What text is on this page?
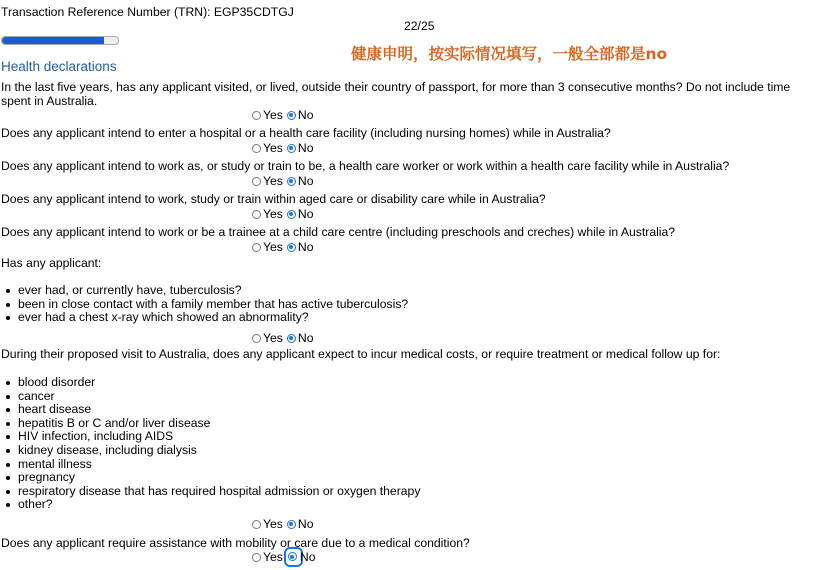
Transaction Reference Number (TRN): EGP35CDTGJ
22/25
健康申明，按实际情况填写，一般全部都是no
Health declarations
In the last five years, has any applicant visited, or lived, outside their country of passport, for more than 3 consecutive months? Do not include time spent in Australia.
Yes No
Does any applicant intend to enter a hospital or a health care facility (including nursing homes) while in Australia?
Yes No
Does any applicant intend to work as, or study or train to be, a health care worker or work within a health care facility while in Australia?
Yes No
Does any applicant intend to work, study or train within aged care or disability care while in Australia?
Yes No
Does any applicant intend to work or be a trainee at a child care centre (including preschools and creches) while in Australia?
Yes No
Has any applicant:
ever had, or currently have, tuberculosis?
been in close contact with a family member that has active tuberculosis?
ever had a chest x-ray which showed an abnormality?
Yes No
During their proposed visit to Australia, does any applicant expect to incur medical costs, or require treatment or medical follow up for:
blood disorder
cancer
heart disease
hepatitis B or C and/or liver disease
HIV infection, including AIDS
kidney disease, including dialysis
mental illness
pregnancy
respiratory disease that has required hospital admission or oxygen therapy
other?
Yes No
Does any applicant require assistance with mobility or care due to a medical condition?
Yes No
